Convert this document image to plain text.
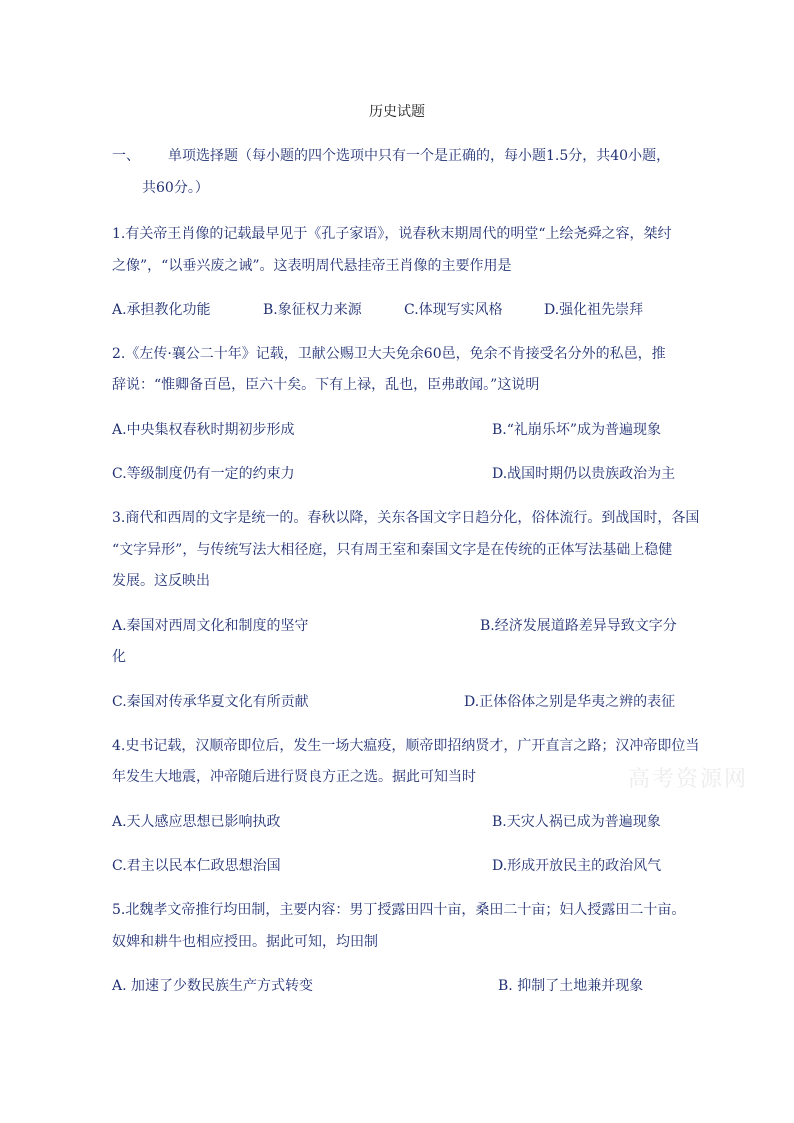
历史试题
一、 单项选择题（每小题的四个选项中只有一个是正确的，每小题1.5分，共40小题，
共60分。）
1.有关帝王肖像的记载最早见于《孔子家语》，说春秋末期周代的明堂“上绘尧舜之容，桀纣
之像”，“以垂兴废之诫”。这表明周代悬挂帝王肖像的主要作用是
A.承担教化功能	B.象征权力来源	C.体现写实风格	D.强化祖先崇拜
2.《左传·襄公二十年》记载，卫献公赐卫大夫免余60邑，免余不肯接受名分外的私邑，推
辞说：“惟卿备百邑，臣六十矣。下有上禄，乱也，臣弗敢闻。”这说明
A.中央集权春秋时期初步形成	B.“礼崩乐坏”成为普遍现象
C.等级制度仍有一定的约束力	D.战国时期仍以贵族政治为主
3.商代和西周的文字是统一的。春秋以降，关东各国文字日趋分化，俗体流行。到战国时，各国
“文字异形”，与传统写法大相径庭，只有周王室和秦国文字是在传统的正体写法基础上稳健
发展。这反映出
A.秦国对西周文化和制度的坚守	B.经济发展道路差异导致文字分
化
C.秦国对传承华夏文化有所贡献	D.正体俗体之别是华夷之辨的表征
4.史书记载，汉顺帝即位后，发生一场大瘟疫，顺帝即招纳贤才，广开直言之路；汉冲帝即位当
年发生大地震，冲帝随后进行贤良方正之选。据此可知当时
A.天人感应思想已影响执政	B.天灾人祸已成为普遍现象
C.君主以民本仁政思想治国	D.形成开放民主的政治风气
5.北魏孝文帝推行均田制，主要内容：男丁授露田四十亩，桑田二十亩；妇人授露田二十亩。
奴婢和耕牛也相应授田。据此可知，均田制
A. 加速了少数民族生产方式转变	B. 抑制了土地兼并现象
高考资源网
